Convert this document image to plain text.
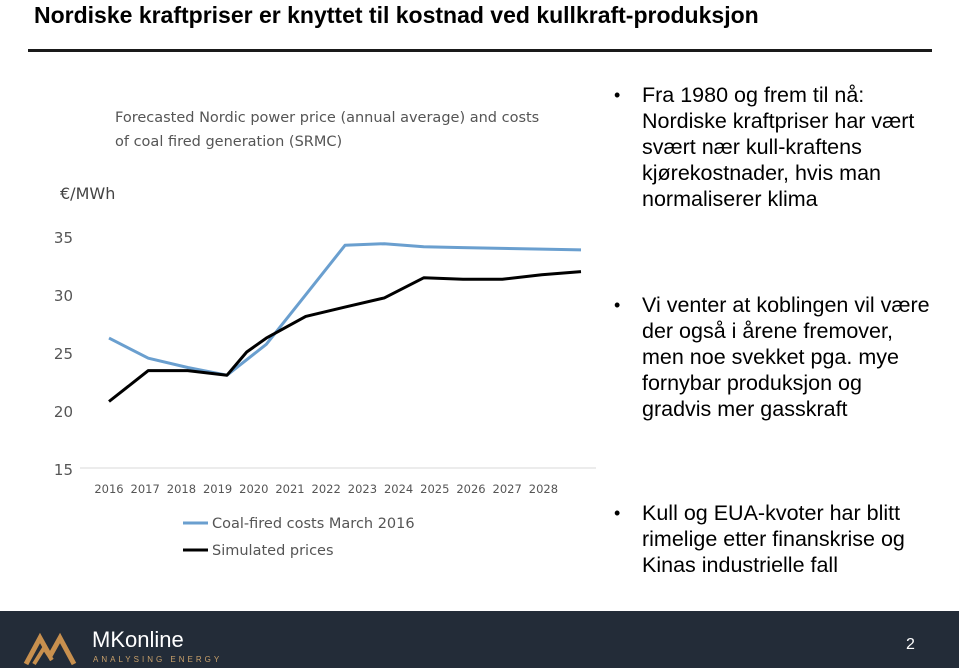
Nordiske kraftpriser er knyttet til kostnad ved kullkraft-produksjon
Forecasted Nordic power price (annual average) and costs
of coal fired generation (SRMC)
€/MWh
15
20
25
30
35
2016 2017 2018 2019 2020 2021 2022 2023 2024 2025 2026 2027 2028
Coal-fired costs March 2016
Simulated prices
• Fra 1980 og frem til nå: Nordiske kraftpriser har vært svært nær kull-kraftens kjørekostnader, hvis man normaliserer klima
• Vi venter at koblingen vil være der også i årene fremover, men noe svekket pga. mye fornybar produksjon og gradvis mer gasskraft
• Kull og EUA-kvoter har blitt rimelige etter finanskrise og Kinas industrielle fall
MKonline
ANALYSING ENERGY
2
